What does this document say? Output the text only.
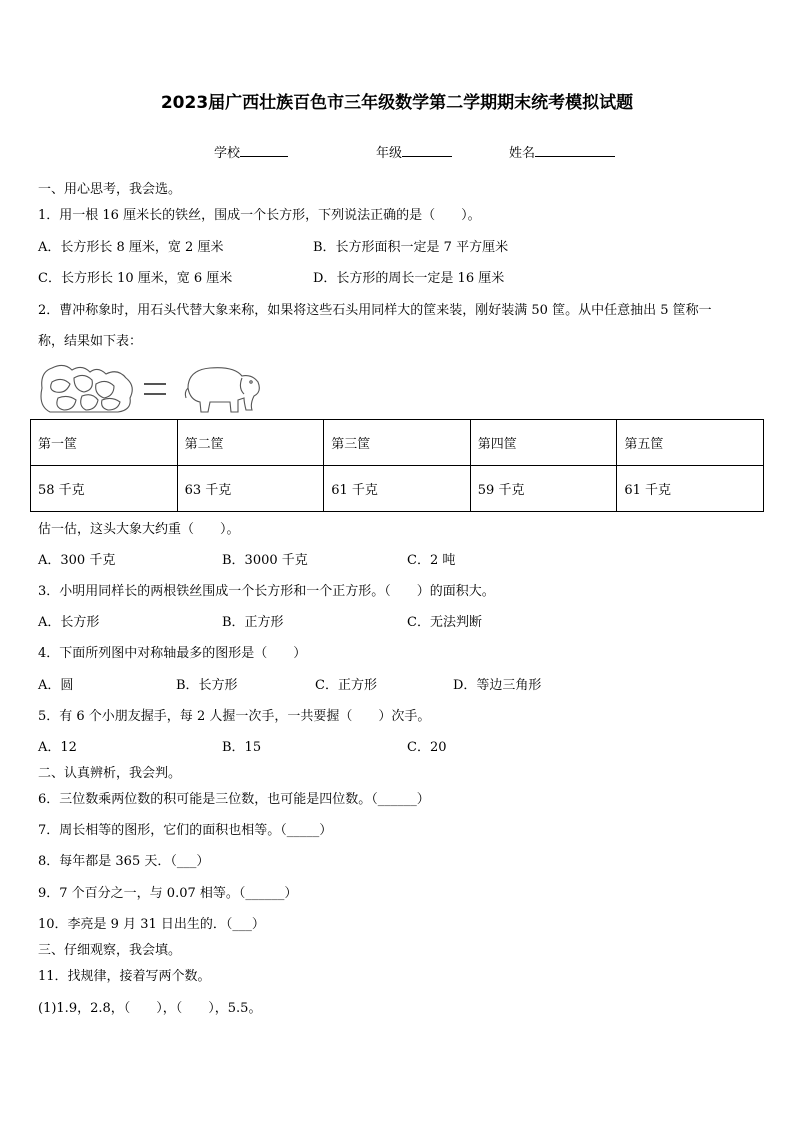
2023届广西壮族百色市三年级数学第二学期期末统考模拟试题
学校	年级	姓名
一、用心思考，我会选。
1．用一根 16 厘米长的铁丝，围成一个长方形，下列说法正确的是（　　）。
A．长方形长 8 厘米，宽 2 厘米	B．长方形面积一定是 7 平方厘米
C．长方形长 10 厘米，宽 6 厘米	D．长方形的周长一定是 16 厘米
2．曹冲称象时，用石头代替大象来称，如果将这些石头用同样大的筐来装，刚好装满 50 筐。从中任意抽出 5 筐称一
称，结果如下表：
第一筐	第二筐	第三筐	第四筐	第五筐
58 千克	63 千克	61 千克	59 千克	61 千克
估一估，这头大象大约重（　　）。
A．300 千克	B．3000 千克	C．2 吨
3．小明用同样长的两根铁丝围成一个长方形和一个正方形。（　　）的面积大。
A．长方形	B．正方形	C．无法判断
4．下面所列图中对称轴最多的图形是（　　）
A．圆	B．长方形	C．正方形	D．等边三角形
5．有 6 个小朋友握手，每 2 人握一次手，一共要握（　　）次手。
A．12	B．15	C．20
二、认真辨析，我会判。
6．三位数乘两位数的积可能是三位数，也可能是四位数。（______）
7．周长相等的图形，它们的面积也相等。（_____）
8．每年都是 365 天．（___）
9．7 个百分之一，与 0.07 相等。（______）
10．李亮是 9 月 31 日出生的．（___）
三、仔细观察，我会填。
11．找规律，接着写两个数。
(1)1.9，2.8，（　　），（　　），5.5。
